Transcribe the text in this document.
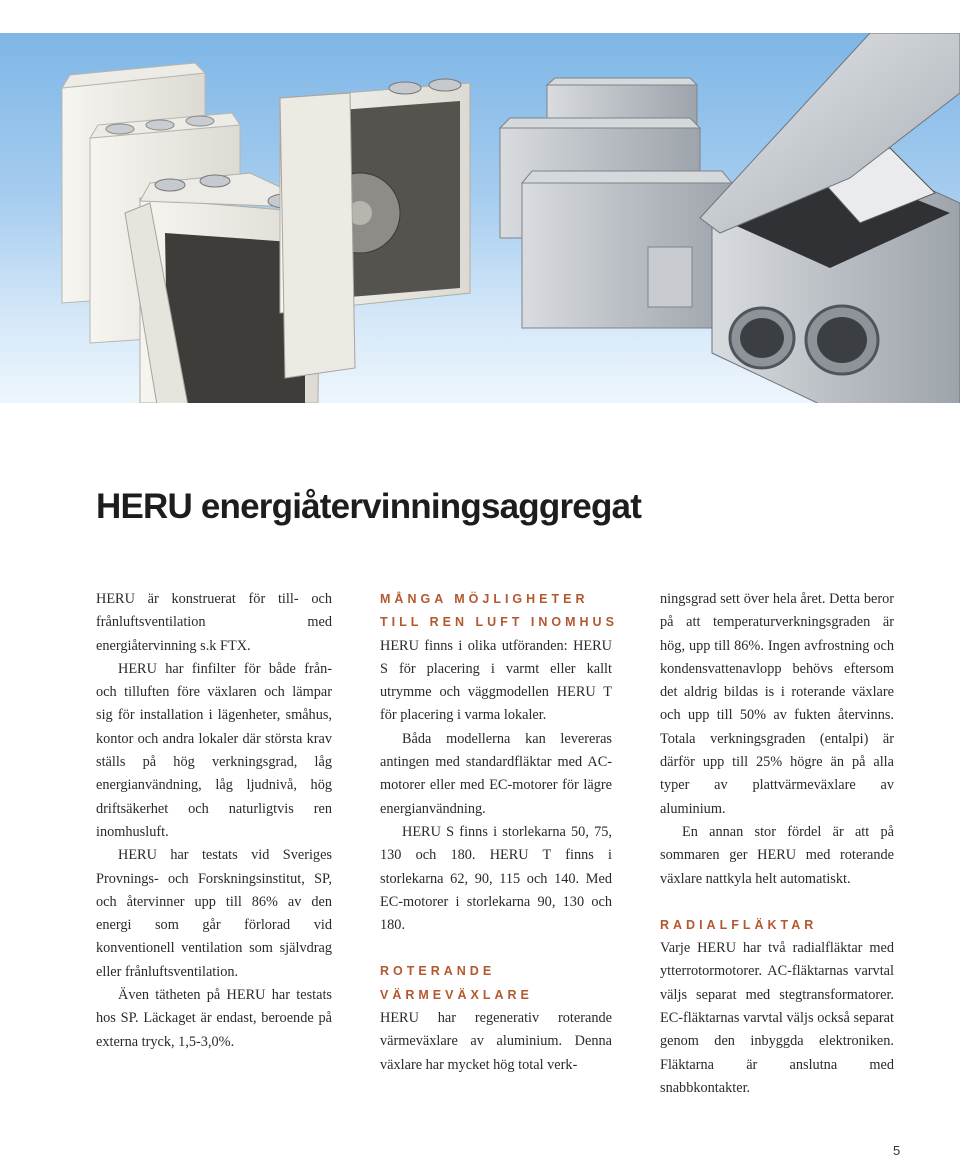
HERU energiåtervinningsaggregat

HERU är konstruerat för till- och frånluftsventilation med energiåtervinning s.k FTX.

HERU har finfilter för både från- och tilluften före växlaren och lämpar sig för installation i lägenheter, småhus, kontor och andra lokaler där största krav ställs på hög verkningsgrad, låg energianvändning, låg ljudnivå, hög driftsäkerhet och naturligtvis ren inomhusluft.

HERU har testats vid Sveriges Provnings- och Forskningsinstitut, SP, och återvinner upp till 86% av den energi som går förlorad vid konventionell ventilation som självdrag eller frånluftsventilation.

Även tätheten på HERU har testats hos SP. Läckaget är endast, beroende på externa tryck, 1,5-3,0%.

MÅNGA MÖJLIGHETER
TILL REN LUFT INOMHUS

HERU finns i olika utföranden: HERU S för placering i varmt eller kallt utrymme och väggmodellen HERU T för placering i varma lokaler.

Båda modellerna kan levereras antingen med standardfläktar med AC-motorer eller med EC-motorer för lägre energianvändning.

HERU S finns i storlekarna 50, 75, 130 och 180. HERU T finns i storlekarna 62, 90, 115 och 140. Med EC-motorer i storlekarna 90, 130 och 180.

ROTERANDE
VÄRMEVÄXLARE

HERU har regenerativ roterande värmeväxlare av aluminium. Denna växlare har mycket hög total verk-

ningsgrad sett över hela året. Detta beror på att temperaturverkningsgraden är hög, upp till 86%. Ingen avfrostning och kondensvattenavlopp behövs eftersom det aldrig bildas is i roterande växlare och upp till 50% av fukten återvinns. Totala verkningsgraden (entalpi) är därför upp till 25% högre än på alla typer av plattvärmeväxlare av aluminium.

En annan stor fördel är att på sommaren ger HERU med roterande växlare nattkyla helt automatiskt.

RADIALFLÄKTAR

Varje HERU har två radialfläktar med ytterrotormotorer. AC-fläktarnas varvtal väljs separat med stegtransformatorer. EC-fläktarnas varvtal väljs också separat genom den inbyggda elektroniken. Fläktarna är anslutna med snabbkontakter.

5
